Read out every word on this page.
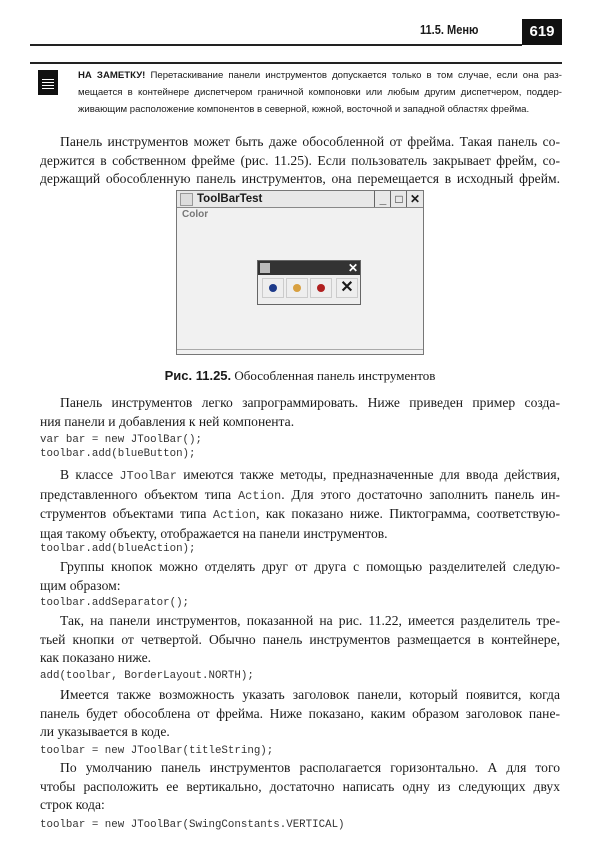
11.5. Меню	619
НА ЗАМЕТКУ! Перетаскивание панели инструментов допускается только в том случае, если она раз-
мещается в контейнере диспетчером граничной компоновки или любым другим диспетчером, поддер-
живающим расположение компонентов в северной, южной, восточной и западной областях фрейма.
Панель инструментов может быть даже обособленной от фрейма. Такая панель со-
держится в собственном фрейме (рис. 11.25). Если пользователь закрывает фрейм, со-
держащий обособленную панель инструментов, она перемещается в исходный фрейм.
ToolBarTest	_ □ ✕
Color
✕
✕
Рис. 11.25. Обособленная панель инструментов
Панель инструментов легко запрограммировать. Ниже приведен пример созда-
ния панели и добавления к ней компонента.
var bar = new JToolBar();
toolbar.add(blueButton);
В классе JToolBar имеются также методы, предназначенные для ввода действия,
представленного объектом типа Action. Для этого достаточно заполнить панель ин-
струментов объектами типа Action, как показано ниже. Пиктограмма, соответствую-
щая такому объекту, отображается на панели инструментов.
toolbar.add(blueAction);
Группы кнопок можно отделять друг от друга с помощью разделителей следую-
щим образом:
toolbar.addSeparator();
Так, на панели инструментов, показанной на рис. 11.22, имеется разделитель тре-
тьей кнопки от четвертой. Обычно панель инструментов размещается в контейнере,
как показано ниже.
add(toolbar, BorderLayout.NORTH);
Имеется также возможность указать заголовок панели, который появится, когда
панель будет обособлена от фрейма. Ниже показано, каким образом заголовок пане-
ли указывается в коде.
toolbar = new JToolBar(titleString);
По умолчанию панель инструментов располагается горизонтально. А для того
чтобы расположить ее вертикально, достаточно написать одну из следующих двух
строк кода:
toolbar = new JToolBar(SwingConstants.VERTICAL)
